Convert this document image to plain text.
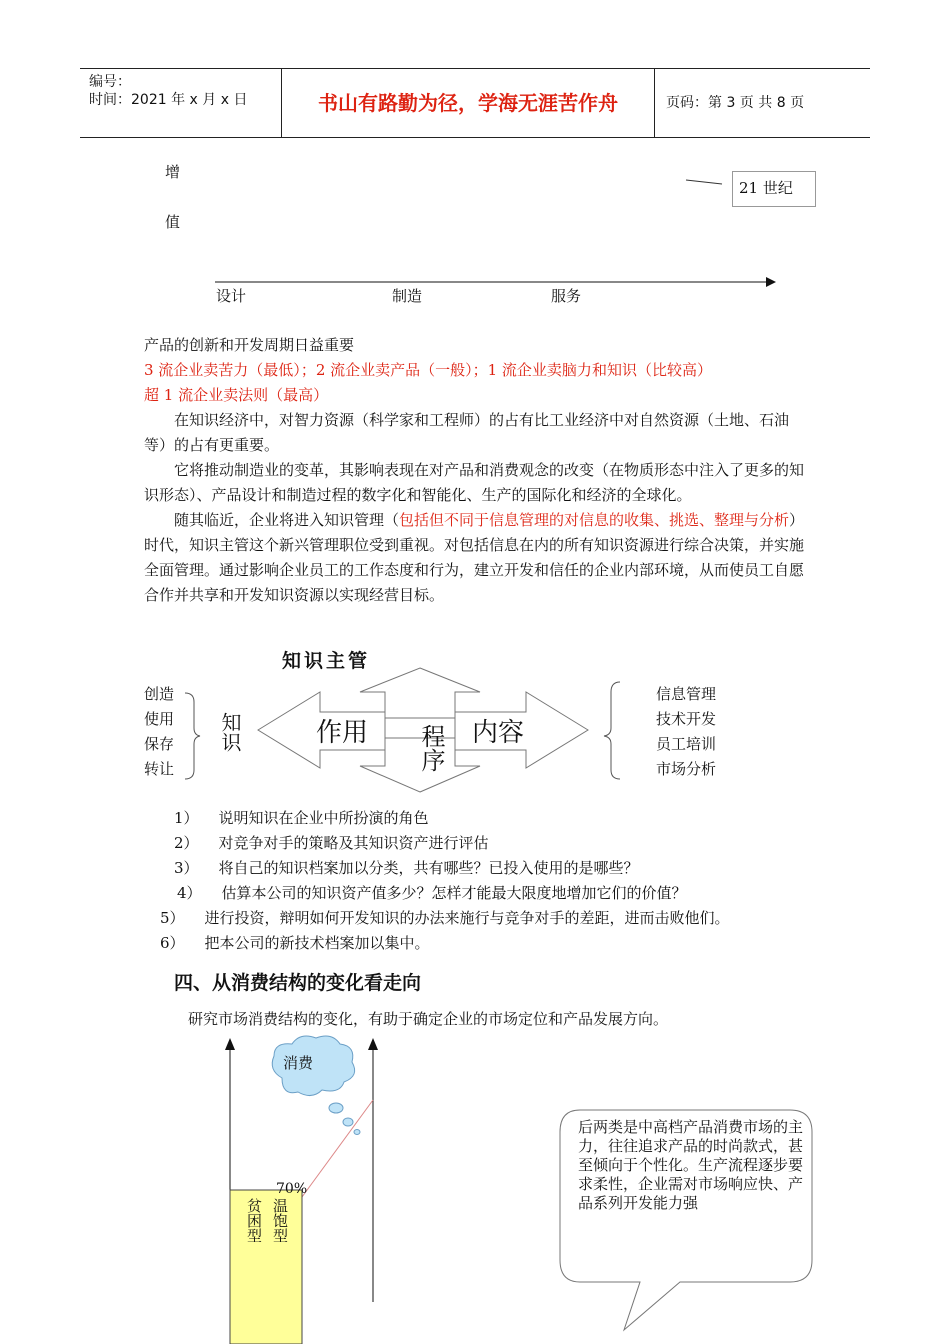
编号：
时间：2021 年 x 月 x 日	书山有路勤为径，学海无涯苦作舟	页码：第 3 页 共 8 页
增
值
21 世纪
设计	制造	服务
产品的创新和开发周期日益重要
3 流企业卖苦力（最低）；2 流企业卖产品（一般）；1 流企业卖脑力和知识（比较高）
超 1 流企业卖法则（最高）
在知识经济中，对智力资源（科学家和工程师）的占有比工业经济中对自然资源（土地、石油等）的占有更重要。
它将推动制造业的变革，其影响表现在对产品和消费观念的改变（在物质形态中注入了更多的知识形态）、产品设计和制造过程的数字化和智能化、生产的国际化和经济的全球化。
随其临近，企业将进入知识管理（包括但不同于信息管理的对信息的收集、挑选、整理与分析）时代，知识主管这个新兴管理职位受到重视。对包括信息在内的所有知识资源进行综合决策，并实施全面管理。通过影响企业员工的工作态度和行为，建立开发和信任的企业内部环境，从而使员工自愿合作并共享和开发知识资源以实现经营目标。
知识主管
创造
使用
保存
转让
知识	作用 程序 内容
信息管理
技术开发
员工培训
市场分析
1） 说明知识在企业中所扮演的角色
2） 对竞争对手的策略及其知识资产进行评估
3） 将自己的知识档案加以分类，共有哪些？已投入使用的是哪些？
4） 估算本公司的知识资产值多少？怎样才能最大限度地增加它们的价值？
5） 进行投资，辩明如何开发知识的办法来施行与竞争对手的差距，进而击败他们。
6） 把本公司的新技术档案加以集中。
四、从消费结构的变化看走向
研究市场消费结构的变化，有助于确定企业的市场定位和产品发展方向。
消费
70%
温饱型
贫困型
后两类是中高档产品消费市场的主力，往往追求产品的时尚款式，甚至倾向于个性化。生产流程逐步要求柔性，企业需对市场响应快、产品系列开发能力强
